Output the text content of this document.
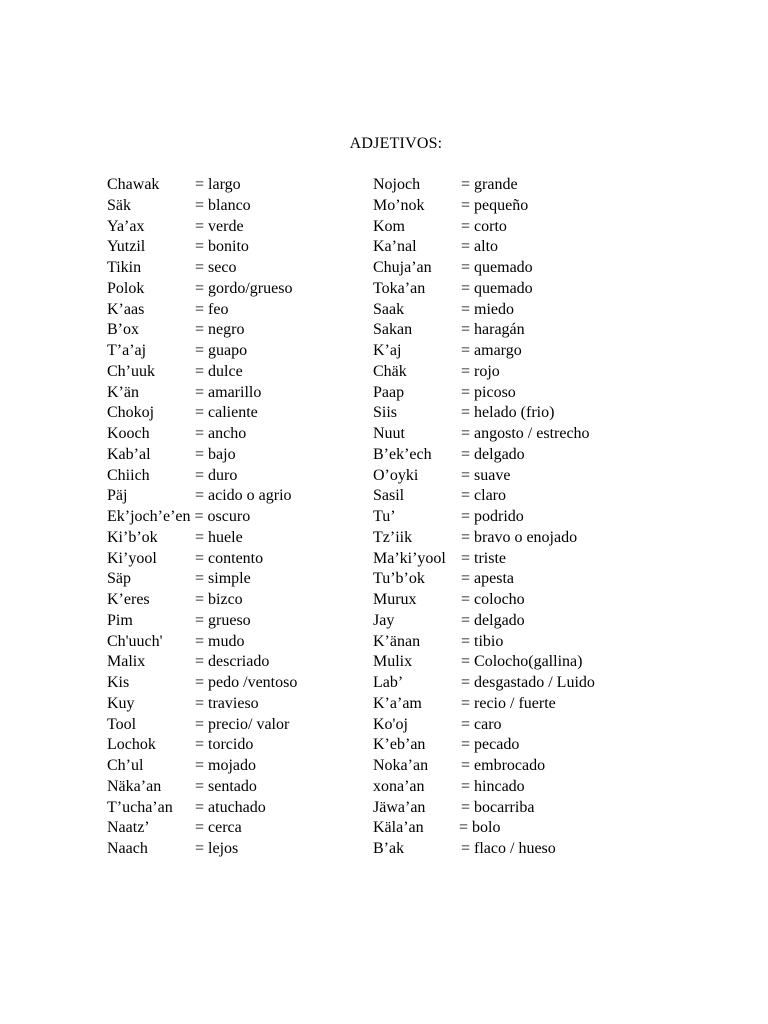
ADJETIVOS:
Chawak = largo
Säk	= blanco
Ya’ax	= verde
Yutzil	= bonito
Tikin	= seco
Polok	= gordo/grueso
K’aas	= feo
B’ox	= negro
T’a’aj	= guapo
Ch’uuk	= dulce
K’än	= amarillo
Chokoj	= caliente
Kooch	= ancho
Kab’al	= bajo
Chiich	= duro
Päj	= acido o agrio
Ek’joch’e’en = oscuro
Ki’b’ok = huele
Ki’yool = contento
Säp	= simple
K’eres	= bizco
Pim	= grueso
Ch'uuch' = mudo
Malix	= descriado
Kis	= pedo /ventoso
Kuy	= travieso
Tool	= precio/ valor
Lochok = torcido
Ch’ul	= mojado
Näka’an = sentado
T’ucha’an = atuchado
Naatz’	= cerca
Naach	= lejos
Nojoch	= grande
Mo’nok = pequeño
Kom	= corto
Ka’nal	= alto
Chuja’an = quemado
Toka’an = quemado
Saak	= miedo
Sakan	= haragán
K’aj	= amargo
Chäk	= rojo
Paap	= picoso
Siis	= helado (frio)
Nuut	= angosto / estrecho
B’ek’ech = delgado
O’oyki	= suave
Sasil	= claro
Tu’	= podrido
Tz’iik	= bravo o enojado
Ma’ki’yool = triste
Tu’b’ok = apesta
Murux	= colocho
Jay	= delgado
K’änan	= tibio
Mulix	= Colocho(gallina)
Lab’	= desgastado / Luido
K’a’am = recio / fuerte
Ko'oj	= caro
K’eb’an = pecado
Noka’an = embrocado
xona’an = hincado
Jäwa’an = bocarriba
Käla’an = bolo
B’ak	= flaco / hueso
